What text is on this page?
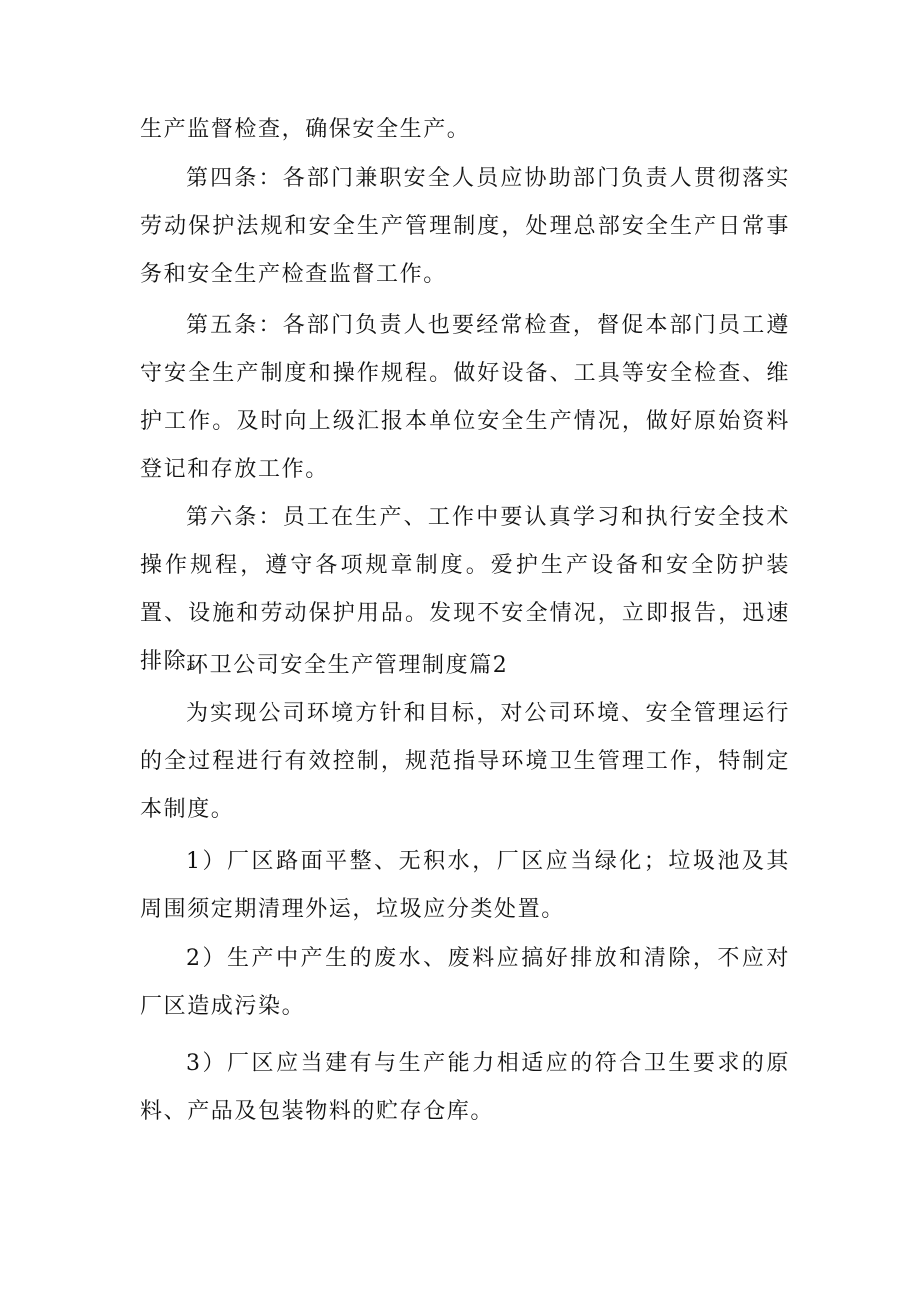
生产监督检查，确保安全生产。

第四条：各部门兼职安全人员应协助部门负责人贯彻落实劳动保护法规和安全生产管理制度，处理总部安全生产日常事务和安全生产检查监督工作。

第五条：各部门负责人也要经常检查，督促本部门员工遵守安全生产制度和操作规程。做好设备、工具等安全检查、维护工作。及时向上级汇报本单位安全生产情况，做好原始资料登记和存放工作。

第六条：员工在生产、工作中要认真学习和执行安全技术操作规程，遵守各项规章制度。爱护生产设备和安全防护装置、设施和劳动保护用品。发现不安全情况，立即报告，迅速排除。

环卫公司安全生产管理制度篇2

为实现公司环境方针和目标，对公司环境、安全管理运行的全过程进行有效控制，规范指导环境卫生管理工作，特制定本制度。

1）厂区路面平整、无积水，厂区应当绿化；垃圾池及其周围须定期清理外运，垃圾应分类处置。

2）生产中产生的废水、废料应搞好排放和清除，不应对厂区造成污染。

3）厂区应当建有与生产能力相适应的符合卫生要求的原料、产品及包装物料的贮存仓库。
